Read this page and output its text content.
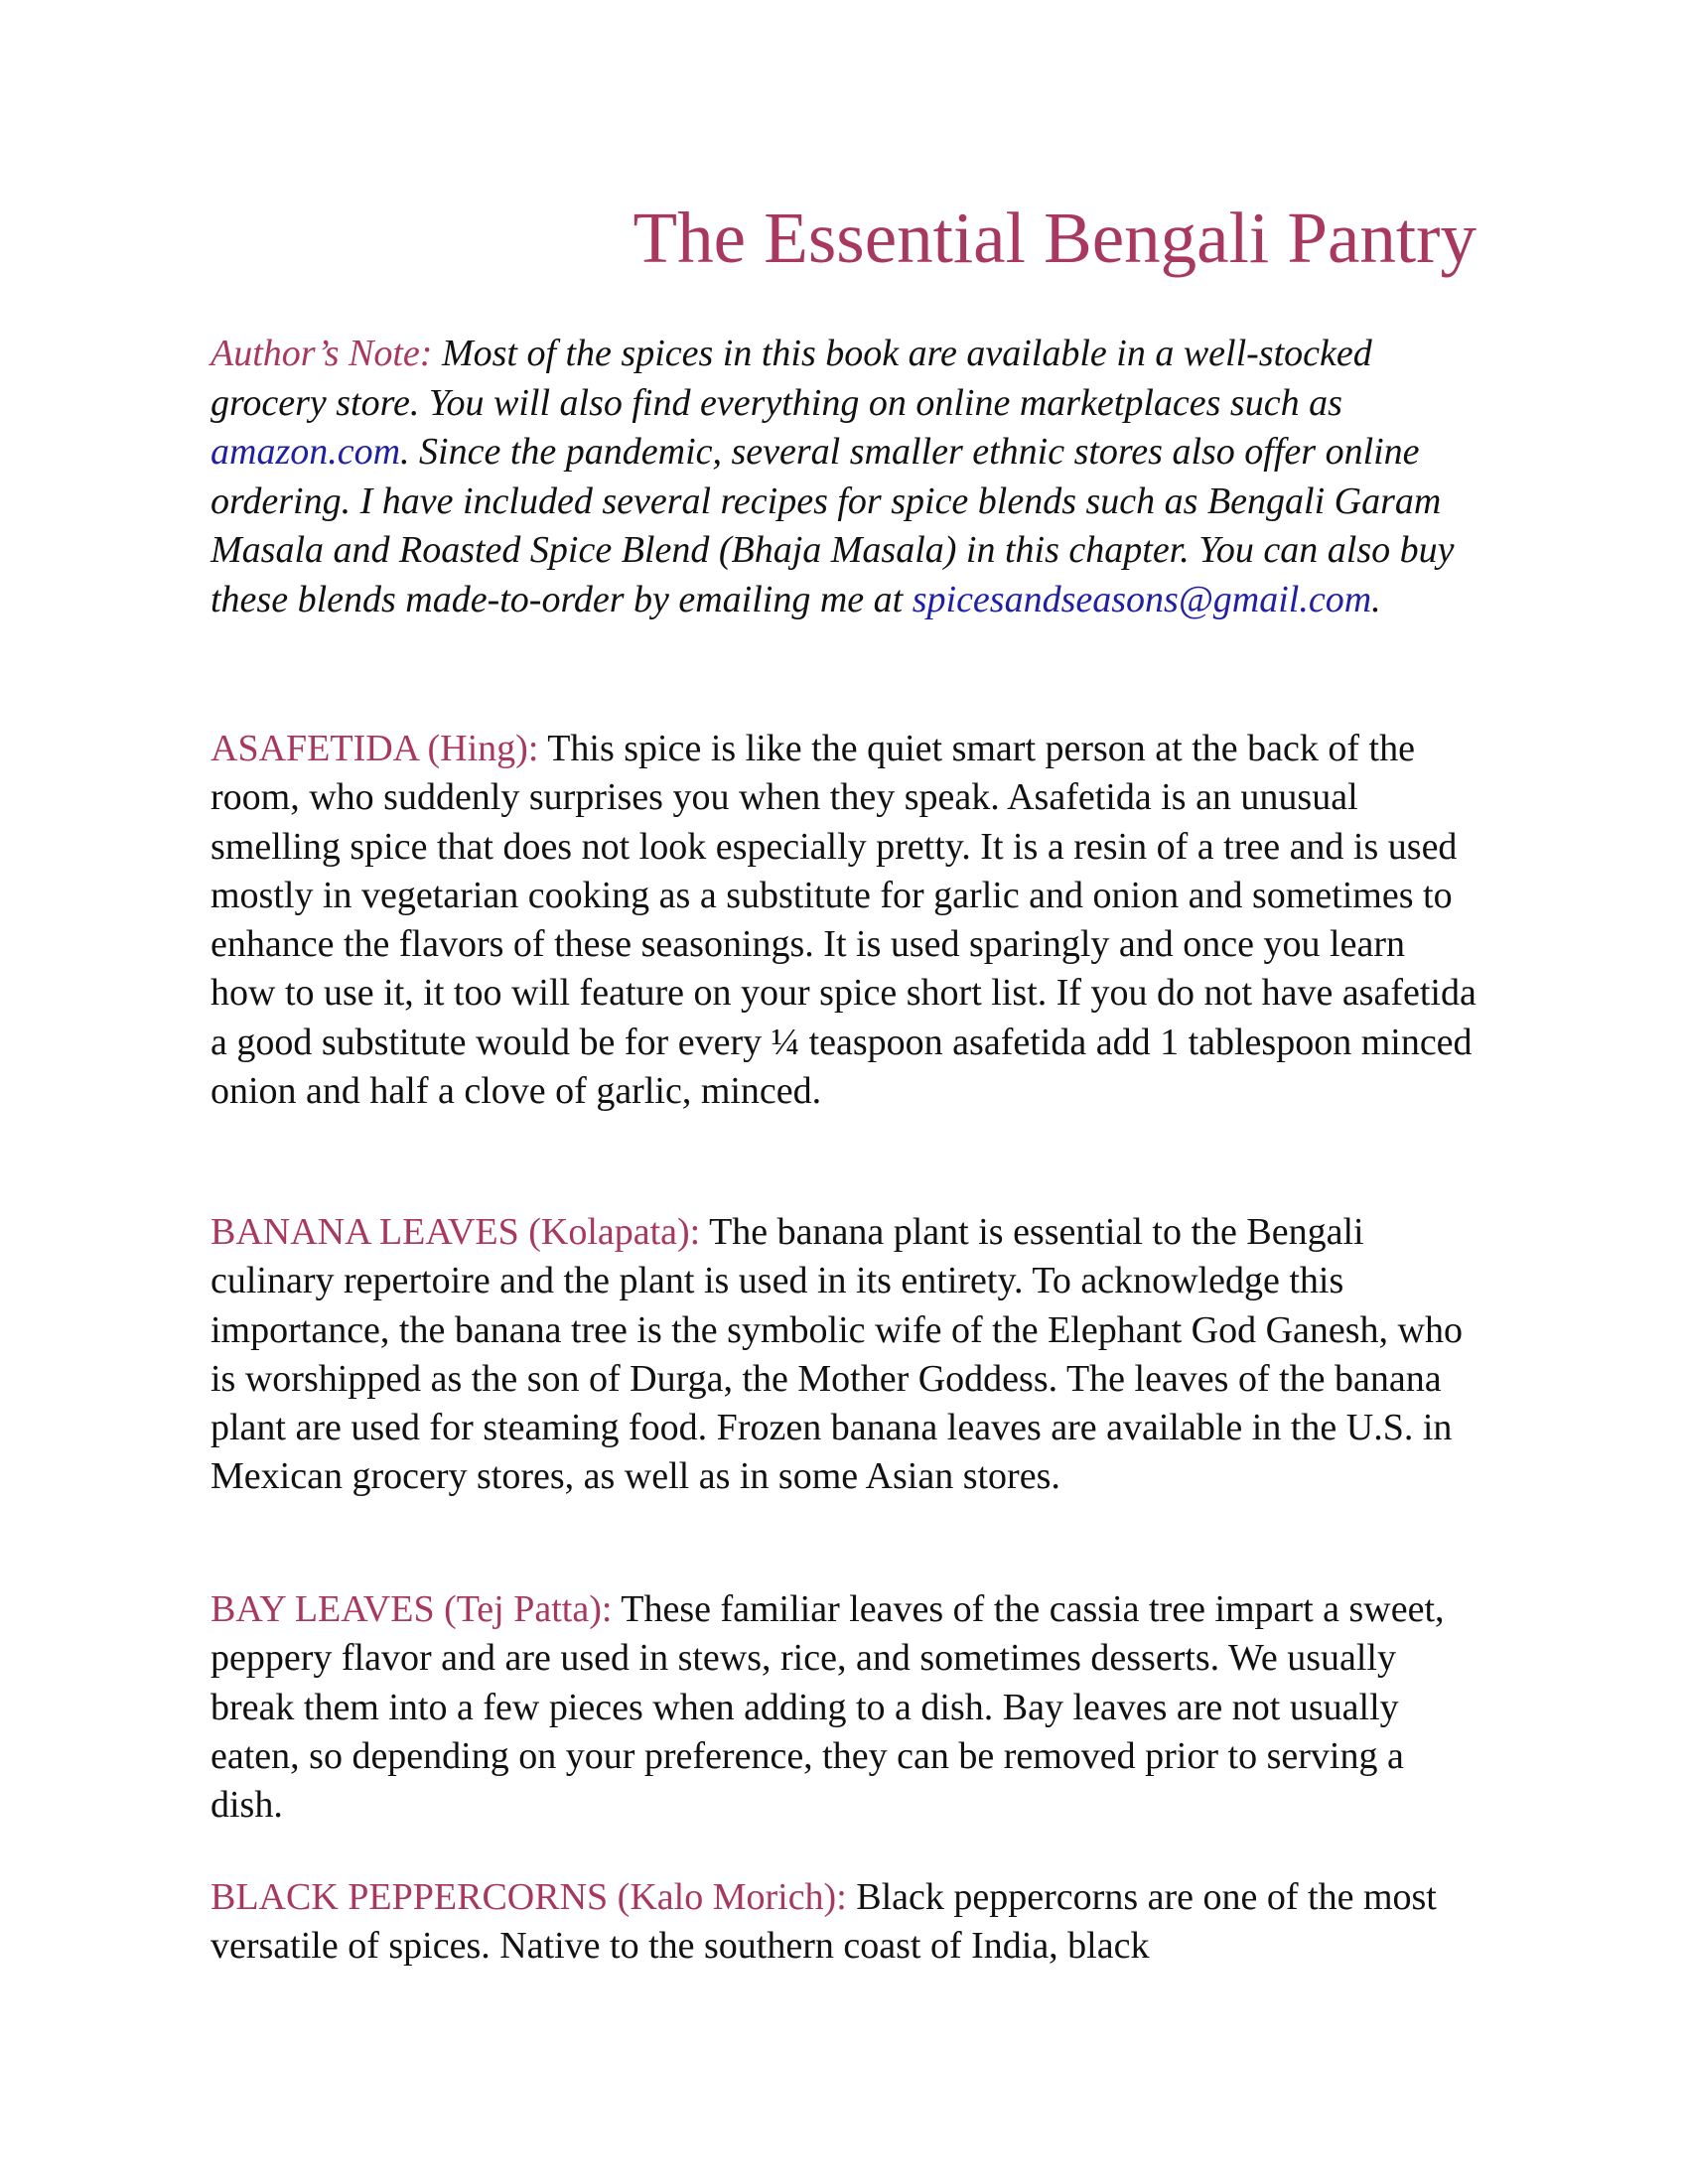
The Essential Bengali Pantry

Author’s Note: Most of the spices in this book are available in a well-stocked grocery store. You will also find everything on online marketplaces such as amazon.com. Since the pandemic, several smaller ethnic stores also offer online ordering. I have included several recipes for spice blends such as Bengali Garam Masala and Roasted Spice Blend (Bhaja Masala) in this chapter. You can also buy these blends made-to-order by emailing me at spicesandseasons@gmail.com.

ASAFETIDA (Hing): This spice is like the quiet smart person at the back of the room, who suddenly surprises you when they speak. Asafetida is an unusual smelling spice that does not look especially pretty. It is a resin of a tree and is used mostly in vegetarian cooking as a substitute for garlic and onion and sometimes to enhance the flavors of these seasonings. It is used sparingly and once you learn how to use it, it too will feature on your spice short list. If you do not have asafetida a good substitute would be for every ¼ teaspoon asafetida add 1 tablespoon minced onion and half a clove of garlic, minced.

BANANA LEAVES (Kolapata): The banana plant is essential to the Bengali culinary repertoire and the plant is used in its entirety. To acknowledge this importance, the banana tree is the symbolic wife of the Elephant God Ganesh, who is worshipped as the son of Durga, the Mother Goddess. The leaves of the banana plant are used for steaming food. Frozen banana leaves are available in the U.S. in Mexican grocery stores, as well as in some Asian stores.

BAY LEAVES (Tej Patta): These familiar leaves of the cassia tree impart a sweet, peppery flavor and are used in stews, rice, and sometimes desserts. We usually break them into a few pieces when adding to a dish. Bay leaves are not usually eaten, so depending on your preference, they can be removed prior to serving a dish.

BLACK PEPPERCORNS (Kalo Morich): Black peppercorns are one of the most versatile of spices. Native to the southern coast of India, black
